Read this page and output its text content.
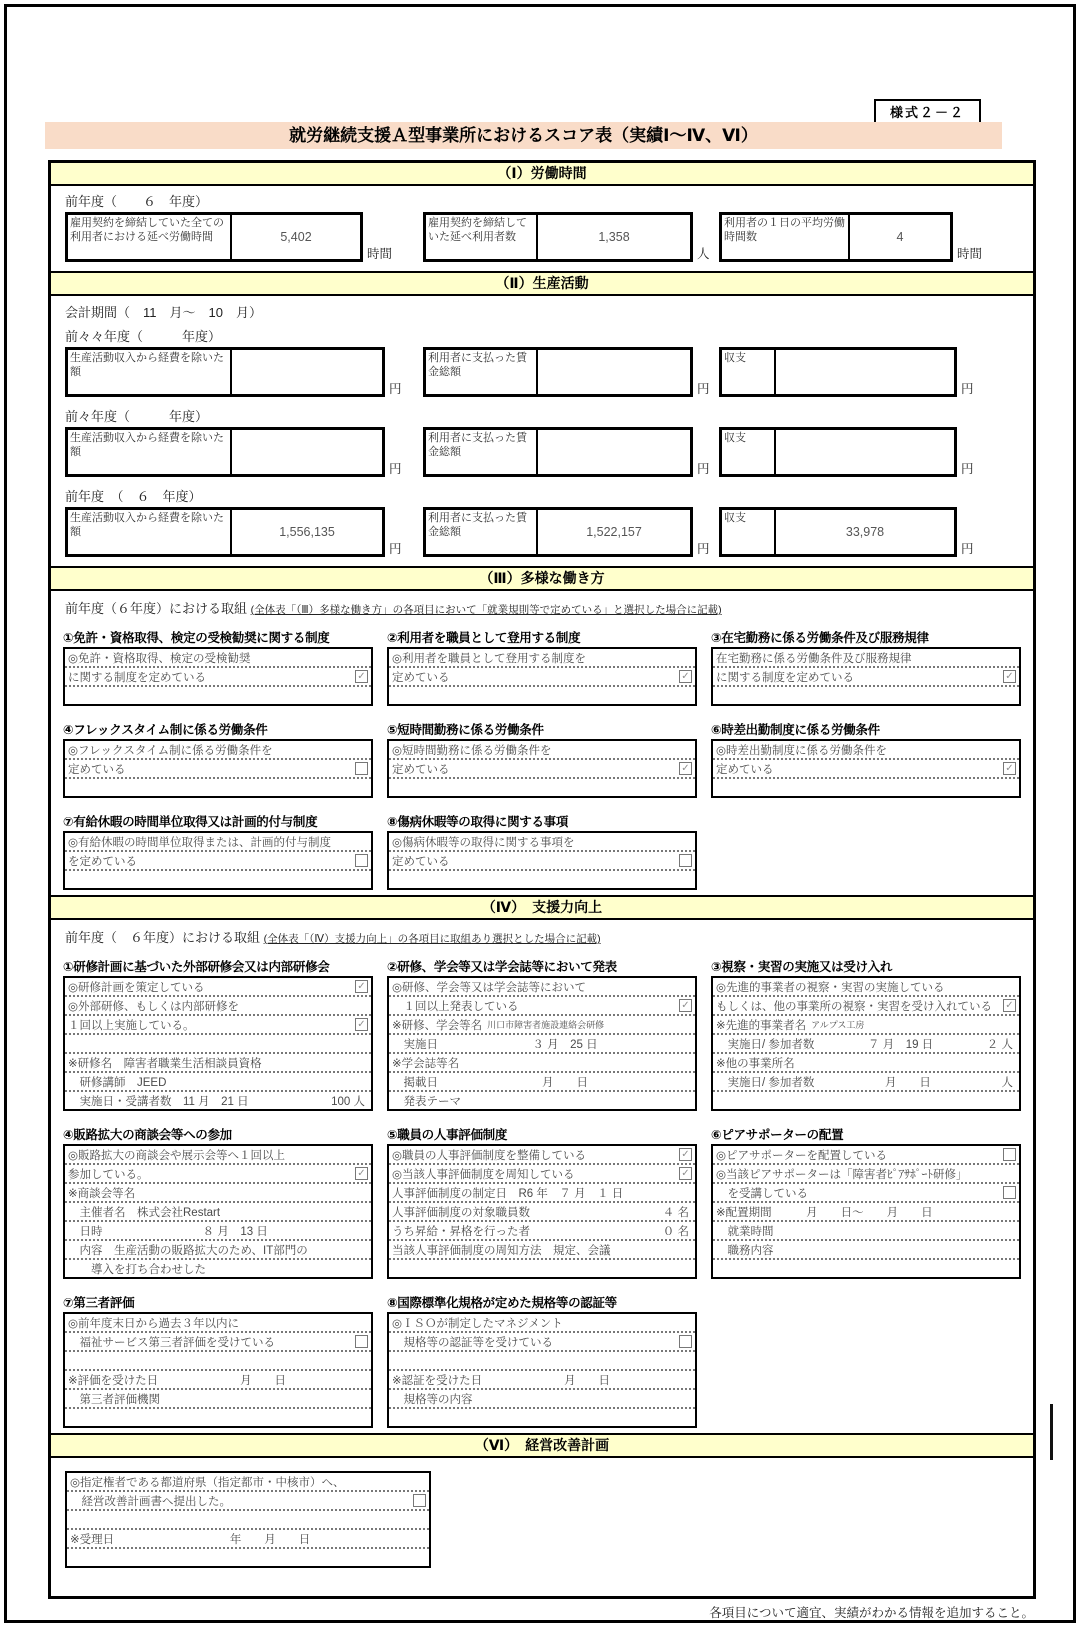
様式２－２
就労継続支援Ａ型事業所におけるスコア表（実績Ⅰ～Ⅳ、Ⅵ）
（Ⅰ）労働時間
前年度（　　６　年度）
雇用契約を締結していた全ての利用者における延べ労働時間	5,402
時間
雇用契約を締結していた延べ利用者数	1,358
人
利用者の１日の平均労働時間数	4
時間
（Ⅱ）生産活動
会計期間（　11　月～　10　月）
前々々年度（　　　年度）
生産活動収入から経費を除いた額
円
利用者に支払った賃金総額
円
収支
円
前々年度（　　　年度）
生産活動収入から経費を除いた額
円
利用者に支払った賃金総額
円
収支
円
前年度　（　６　年度）
生産活動収入から経費を除いた額	1,556,135
円
利用者に支払った賃金総額	1,522,157
円
収支
33,978
円
（Ⅲ）多様な働き方
前年度（６年度）における取組 (全体表「（Ⅲ）多様な働き方」の各項目において「就業規則等で定めている」と選択した場合に記載)
①免許・資格取得、検定の受検勧奨に関する制度
◎免許・資格取得、検定の受検勧奨
に関する制度を定めている	✓
②利用者を職員として登用する制度
◎利用者を職員として登用する制度を
定めている	✓
③在宅勤務に係る労働条件及び服務規律
在宅勤務に係る労働条件及び服務規律
に関する制度を定めている	✓
④フレックスタイム制に係る労働条件
◎フレックスタイム制に係る労働条件を
定めている
⑤短時間勤務に係る労働条件
◎短時間勤務に係る労働条件を
定めている	✓
⑥時差出勤制度に係る労働条件
◎時差出勤制度に係る労働条件を
定めている	✓
⑦有給休暇の時間単位取得又は計画的付与制度
◎有給休暇の時間単位取得または、計画的付与制度
を定めている
⑧傷病休暇等の取得に関する事項
◎傷病休暇等の取得に関する事項を
定めている
（Ⅳ）　支援力向上
前年度（　６年度）における取組 (全体表「（Ⅳ）支援力向上」の各項目に取組あり選択とした場合に記載)
①研修計画に基づいた外部研修会又は内部研修会
◎研修計画を策定している	✓
◎外部研修、もしくは内部研修を
１回以上実施している。	✓
※研修名　障害者職業生活相談員資格
　研修講師　JEED
　実施日・受講者数　11 月　21 日	100 人
②研修、学会等又は学会誌等において発表
◎研修、学会等又は学会誌等において
　１回以上発表している	✓
※研修、学会等名 川口市障害者施設連絡会研修
　実施日	３ 月　25 日
※学会誌等名
　掲載日	月　　日
　発表テーマ
③視察・実習の実施又は受け入れ
◎先進的事業者の視察・実習の実施している
もしくは、他の事業所の視察・実習を受け入れている ✓
※先進的事業者名 アルプス工房
　実施日/ 参加者数	７ 月　19 日	２ 人
※他の事業所名
　実施日/ 参加者数	月　　日	人
④販路拡大の商談会等への参加
◎販路拡大の商談会や展示会等へ１回以上
参加している。	✓
※商談会等名
　主催者名　株式会社Restart
　日時	８ 月　13 日
　内容　生産活動の販路拡大のため、IT部門の
　　導入を打ち合わせした
⑤職員の人事評価制度
◎職員の人事評価制度を整備している	✓
◎当該人事評価制度を周知している	✓
人事評価制度の制定日　R6 年　７ 月　１ 日
人事評価制度の対象職員数	４ 名
うち昇給・昇格を行った者	０ 名
当該人事評価制度の周知方法　規定、会議
⑥ピアサポーターの配置
◎ピアサポーターを配置している
◎当該ピアサポーターは「障害者ﾋﾟｱｻﾎﾟｰﾄ研修」
　を受講している
※配置期間　　　月　　日～　　月　　日
　就業時間
　職務内容
⑦第三者評価
◎前年度末日から過去３年以内に
　福祉サービス第三者評価を受けている
※評価を受けた日	月　　日
　第三者評価機関
⑧国際標準化規格が定めた規格等の認証等
◎ＩＳＯが制定したマネジメント
　規格等の認証等を受けている
※認証を受けた日	月　　日
　規格等の内容
（Ⅵ）　経営改善計画
◎指定権者である都道府県（指定都市・中核市）へ、
　経営改善計画書へ提出した。
※受理日	年　　月　　日
各項目について適宜、実績がわかる情報を追加すること。
